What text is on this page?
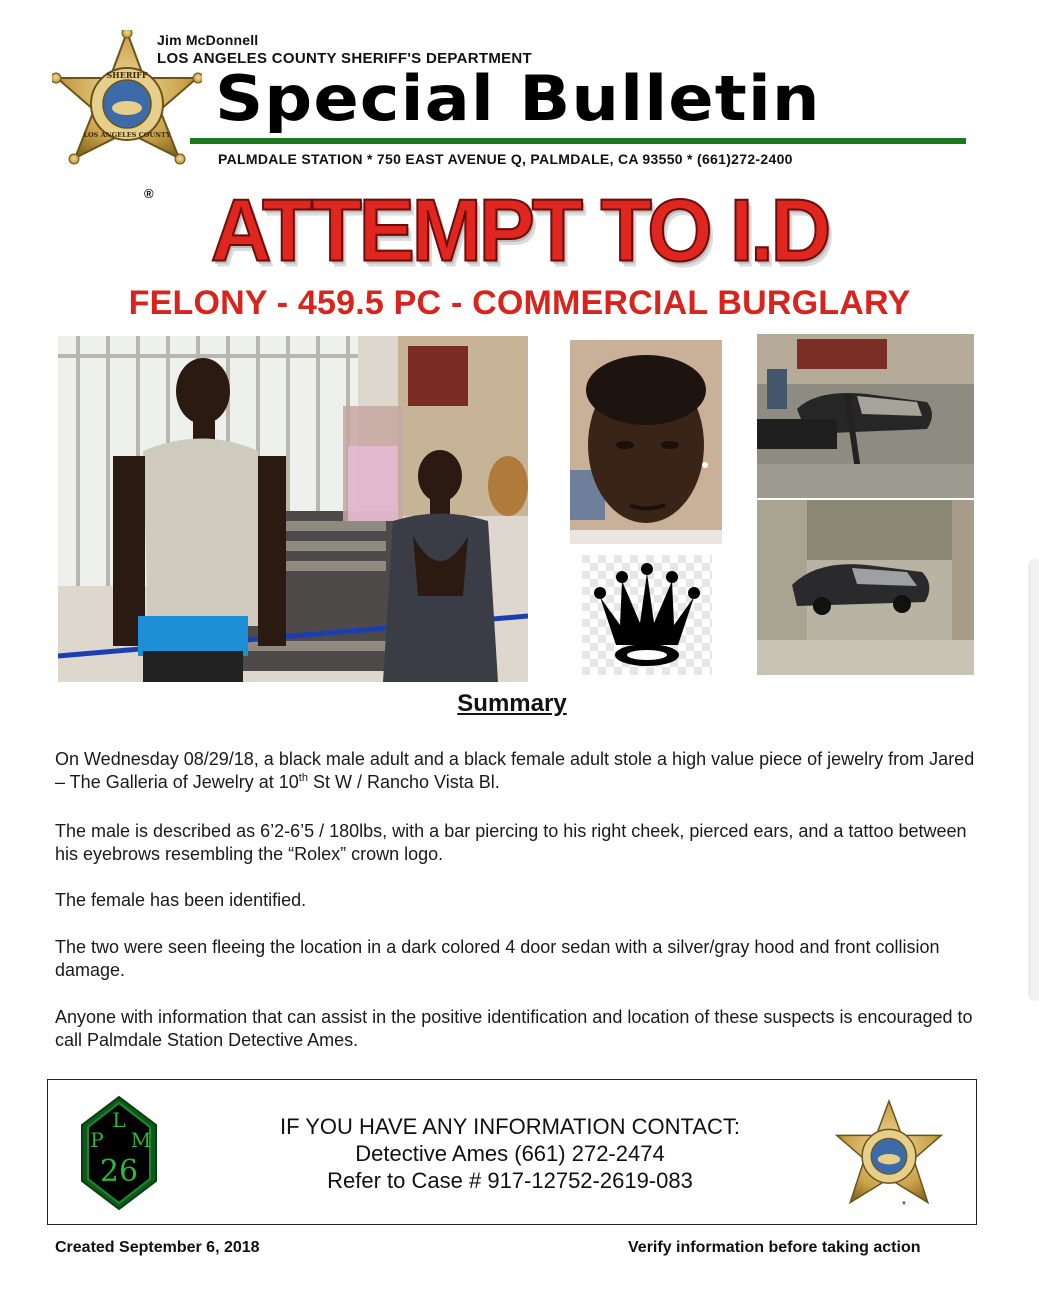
SHERIFF
LOS ANGELES COUNTY
®
Jim McDonnell
LOS ANGELES COUNTY SHERIFF'S DEPARTMENT
Special Bulletin
PALMDALE STATION * 750 EAST AVENUE Q, PALMDALE, CA 93550 * (661)272-2400
ATTEMPT TO I.D
FELONY - 459.5 PC - COMMERCIAL BURGLARY
Summary
On Wednesday 08/29/18, a black male adult and a black female adult stole a high value piece of jewelry from Jared – The Galleria of Jewelry at 10th St W / Rancho Vista Bl.
The male is described as 6’2-6’5 / 180lbs, with a bar piercing to his right cheek, pierced ears, and a tattoo between his eyebrows resembling the “Rolex” crown logo.
The female has been identified.
The two were seen fleeing the location in a dark colored 4 door sedan with a silver/gray hood and front collision damage.
Anyone with information that can assist in the positive identification and location of these suspects is encouraged to call Palmdale Station Detective Ames.
L
P M
26
IF YOU HAVE ANY INFORMATION CONTACT:
Detective Ames (661) 272-2474
Refer to Case # 917-12752-2619-083
*
Created September 6, 2018	Verify information before taking action
